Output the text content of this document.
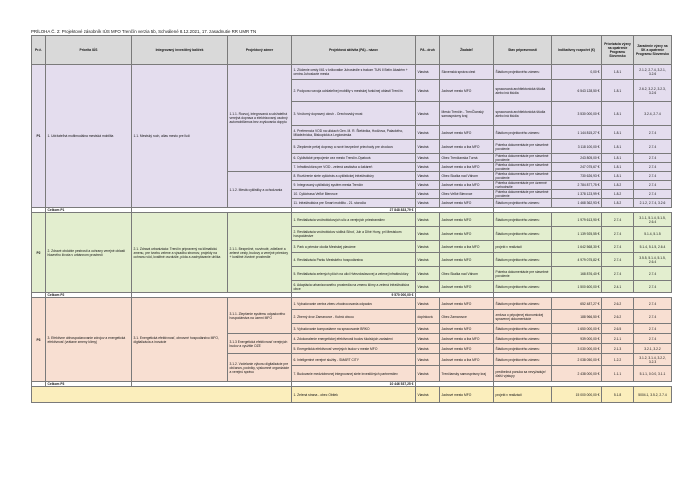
PRÍLOHA Č. 2: Projektové zásobník IÚS MFO Trenčín verzia 5b, Schválené 8.12.2021, 17. zasadnutie RR UMR TN
Pr.č.	Priorita IÚS	Integrovaný investičný balíček	Projektový zámer	Projektová aktivita (PA) - názov	PA - druh	Žiadateľ	Stav pripravenosti	Indikatívny rozpočet (€)	Priorizácia výzvy na opatrenie Programu Slovensko	Zaradenie výzvy na SK a opatrenie Programu Slovensko
P1	1. Udržateľná multimodálna mestská mobilita	1.1. Mestský ruch, alias mesto pre ľudí	1.1.1. Rozvoj, integrovaná a udržateľná verejná doprava a elektrizovaný osobný automobilizmus bez zvyšovania dopytu	1. Zlúčenie cesty I/61 v križovatke Juhosiedle s trakom TUN II Belín Akadém + centra Juhoslavie mesta	Vlastná	Slovenská správa ciest	Štádium projektového zámeru	0,00 €	1.8.1	2.1.2, 2.7.4, 3.2.1, 3.2.6
				2. Podpora rozvoja udržateľnej mobility v mestskej funkčnej oblasti Trenčín	Vlastná	Jadrové mesto MFO	spracovaná architektonická štúdia alebo iná štúdia	6 543 128,50 €	1.8.1	2.6.2, 3.2.2, 3.2.3, 3.2.6
				3. Vnútorný dopravný okruh - Orechovský most	Vlastná	Mesto Trenčín - TrenČianský samosprávny kraj	spracovaná architektonická štúdia alebo iná štúdia	3 530 000,00 €	1.8.1	3.2.4, 2.7.4
				4. Preferencia VOD na uliciach Gen. M. R. Štefánika, Hodžova, Palackého, Mládežnícka, Biskupická a Legionárska	Vlastná	Jadrové mesto MFO	Štádium projektového zámeru	1 144 815,27 €	1.8.1	2.7.4
				5. Zlepšenie pešej dopravy a nové bezpečné priechody pre chodcov	Vlastná	Jadrové mesto a iba MFO	Potreba dokumentácie pre stavebné povolenie	3 118 100,00 €	1.8.1	2.7.4
				6. Cyklistické prepojenie cez mesto Trenčín-Opatová	Vlastná	Obec Trenčianska Turná	Potreba dokumentácie pre stavebné povolenie	243 805,00 €	1.8.1	2.7.4
				7. Infraštruktúra pre VOD - zelená zastávka a čakáreň	Vlastná	Jadrové mesto a iba MFO	Potreba dokumentácie pre stavebné povolenie	247 075,67 €	1.8.1	2.7.4
			1.1.2. Mestá cyklistiky a ochodzania	8. Rozšírenie siete cyklotrás a cyklistickej infraštruktúry	Vlastná	Obec Skalka nad Váhom	Potreba dokumentácie pre stavebné povolenie	730 626,93 €	1.8.1	2.7.4
				9. Integrovaný cyklistický systém mesta Trenčín	Vlastná	Jadrové mesto a iba MFO	Potreba dokumentácie pre územné rozhodnutie	2 784 877,75 €	1.8.2	2.7.4
				10. Cyklotrasa Veľké Bierovce	Vlastná	Obec Veľké Bierovce	Potreba dokumentácie pre stavebné povolenie	1 378 123,99 €	1.8.2	2.7.4
				11. Infraštruktúra pre Smart mobilitu - 21. storočia	Vlastná	Jadrové mesto MFO	Štádium projektového zámeru	1 468 362,93 €	1.8.2	2.1.2, 2.7.4, 3.2.6
	Celkom P1			27 848 833,79 €						
P2	2. Zdravé obdobie pestrosti a ochrany verejné oblasti hlavného života v urbánnom prostredí	2.1. Zdravá urbanizácia: Trenčín pripravený na klimatickú zmenu, pre tvorbu zelene a výsadbu stromov, projekty na ochranu vôd, kvalitné ovzdušie, pôda a zachytávanie uhlíka	2.1.1. Bezpečné, rozvinuté, zdieľané a zelené cesty, budovy a verejné priestory + kvalitné životné prostredie	1. Revitalizácia vnútroblokových ulíc a verejných priestranstiev	Vlastná	Jadrové mesto MFO	Štádium projektového zámeru	1 979 613,90 €	2.7.4	3.1.1, 5.1.4, 5.1.5, 2.6.4
				2. Revitalizácia vnútroblokov sídlisk Sihoť, Juh a Dlhé Hony, pri Mestskom hospodárstve	Vlastná	Jadrové mesto MFO	Štádium projektového zámeru	1 139 925,55 €	2.7.4	5.1.4, 5.1.5
				3. Park a priestor okolia Mestskej plavárne	Vlastná	Jadrové mesto a iba MFO	projekt v realizácii	1 642 568,30 €	2.7.4	5.1.4, 5.1.5, 2.6.4
				4. Revitalizácia Parku Mestského hospodárstva	Vlastná	Jadrové mesto MFO	Štádium projektového zámeru	4 979 075,82 €	2.7.4	3.5.5, 5.1.4, 5.1.5, 2.6.4
				5. Revitalizácia zelených plôch na ulici Hviezdoslavovej a zelenej infraštruktúry	Vlastná	Obec Skalka nad Váhom	Potreba dokumentácie pre stavebné povolenie	168 876,40 €	2.7.4	2.7.4
				6. Adaptácia urbanizovaného prostredia na zmenu klímy a zelená infraštruktúra obce	Vlastná	Jadrové mesto MFO	Štádium projektového zámeru	1 500 600,00 €	2.4.1	2.7.4
	Celkom P2			9 570 000,00 €						
P3	3. Efektívne obhospodarovanie zdrojov a energetická efektívnosť (vrátane zmeny klímy)	3.1. Energetická efektívnosť, obnovné hospodárstvo MFO, digitalizácia a inovácie	3.1.1. Zlepšenie systému odpadového hospodárstva na území MFO	1. Vybudovanie centra zberu zhodnocovania odpadov	Vlastná	Jadrové mesto MFO	Štádium projektového zámeru	652 487,27 €	2.6.2	2.7.4
				2. Zberný dvor Zamarovce - Kubrá obcou	doplnková	Obec Zamarovce	zmluva o pripojenej ekonomickej spravenej dokumentácie	188 966,50 €	2.6.2	2.7.4
				3. Vybudovanie kompostárne na spracovanie BRKO	Vlastná	Jadrové mesto MFO	Štádium projektového zámeru	1 650 000,00 €	2.6.5	2.7.4
			3.1.3 Energetická efektívnosť verejných budov a využitie OZE	4. Zdokonalenie energetickej efektívnosti budov školských zariadení	Vlastná	Jadrové mesto a iba MFO	Štádium projektového zámeru	939 000,00 €	2.1.1	2.7.4
				5. Energetická efektívnosť verejných budov v meste MFO	Vlastná	Jadrové mesto MFO	Štádium projektového zámeru	3 030 000,00 €	2.1.3	3.2.1, 3.2.2
			3.1.2. Vzdelanie výkonu digitalizácie pre občanov, podniky, výskumné organizácie a verejnú správu	6. Inteligentné verejné služby - SMART CITY	Vlastná	Jadrové mesto a iba MFO	Štádium projektového zámeru	2 038 050,00 €	1.2.2	3.1.2, 3.1.4, 3.2.2, 3.2.3
				7. Budovanie medziobecnej integrovanej siete investičných partnerstiev	Vlastná	Trenčiansky samosprávny kraj	predbežná ponuka sa nevyžaduje/ďalší výstupy	2 438 000,00 €	1.1.1	5.1.1, 0.0.0, 3.1.1
	Celkom P3			10 446 537,25 €						
				1. Zelená strana - obec Obtiek	Vlastná	Jadrové mesto MFO	projekt v realizácii	15 000 000,00 €	5.1.8	5004.1, 3.5.2, 2.7.4
